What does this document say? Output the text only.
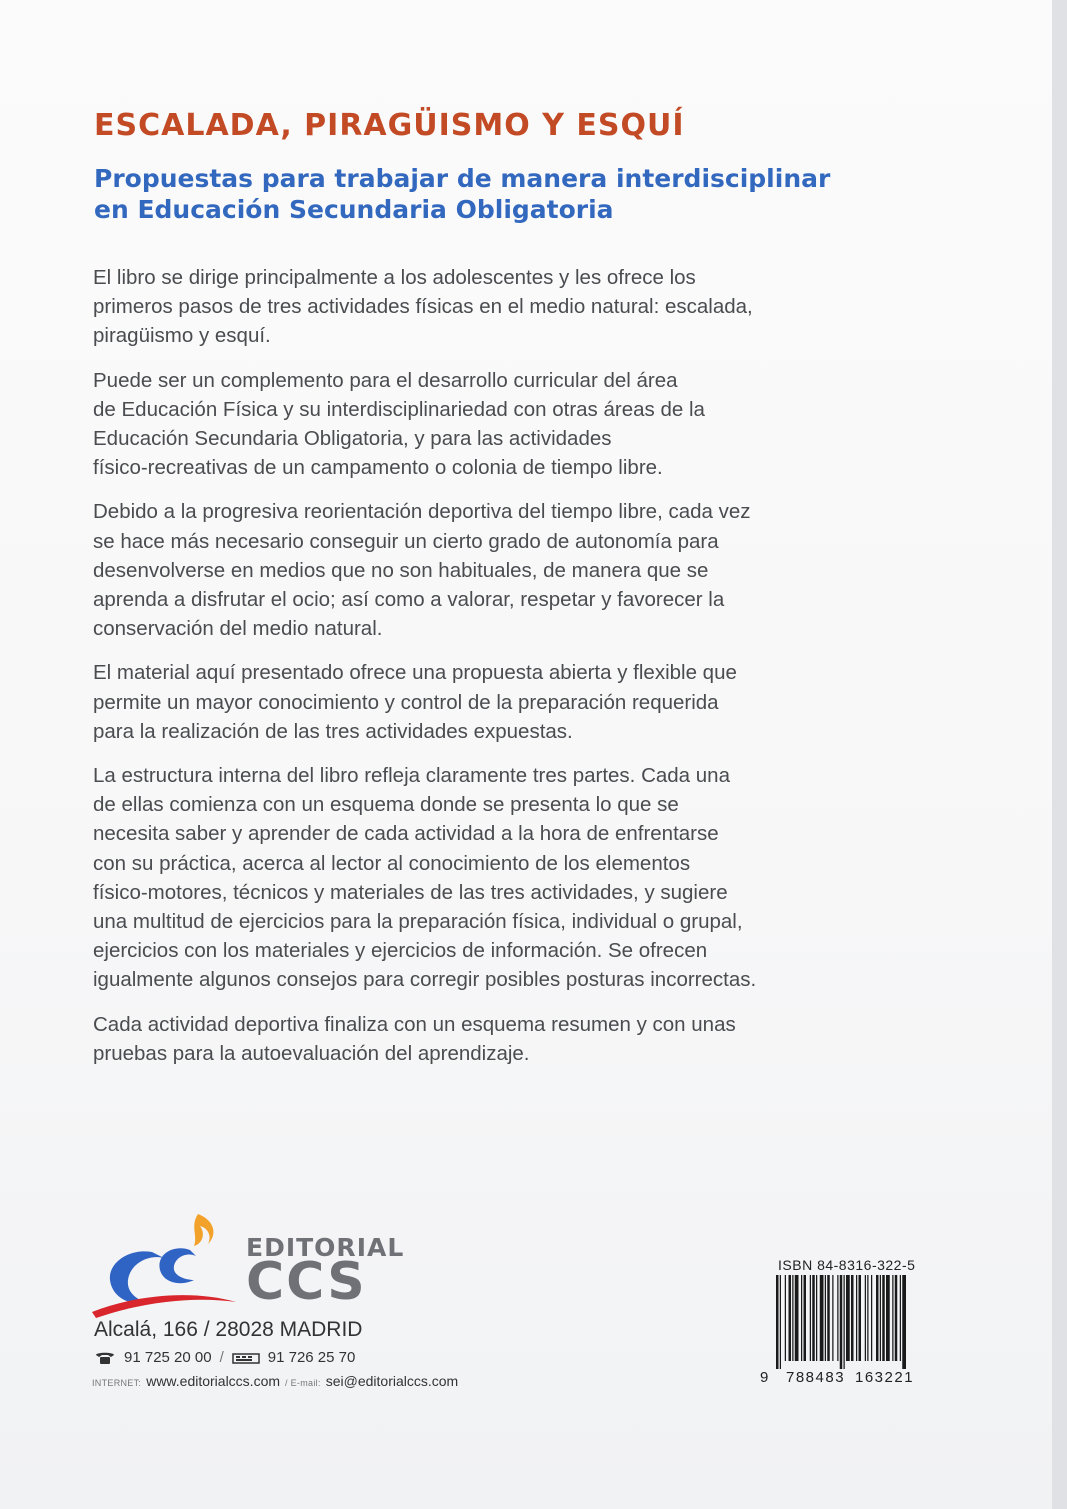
ESCALADA, PIRAGÜISMO Y ESQUÍ
Propuestas para trabajar de manera interdisciplinar
en Educación Secundaria Obligatoria

El libro se dirige principalmente a los adolescentes y les ofrece los
primeros pasos de tres actividades físicas en el medio natural: escalada,
piragüismo y esquí.

Puede ser un complemento para el desarrollo curricular del área
de Educación Física y su interdisciplinariedad con otras áreas de la
Educación Secundaria Obligatoria, y para las actividades
físico-recreativas de un campamento o colonia de tiempo libre.

Debido a la progresiva reorientación deportiva del tiempo libre, cada vez
se hace más necesario conseguir un cierto grado de autonomía para
desenvolverse en medios que no son habituales, de manera que se
aprenda a disfrutar el ocio; así como a valorar, respetar y favorecer la
conservación del medio natural.

El material aquí presentado ofrece una propuesta abierta y flexible que
permite un mayor conocimiento y control de la preparación requerida
para la realización de las tres actividades expuestas.

La estructura interna del libro refleja claramente tres partes. Cada una
de ellas comienza con un esquema donde se presenta lo que se
necesita saber y aprender de cada actividad a la hora de enfrentarse
con su práctica, acerca al lector al conocimiento de los elementos
físico-motores, técnicos y materiales de las tres actividades, y sugiere
una multitud de ejercicios para la preparación física, individual o grupal,
ejercicios con los materiales y ejercicios de información. Se ofrecen
igualmente algunos consejos para corregir posibles posturas incorrectas.

Cada actividad deportiva finaliza con un esquema resumen y con unas
pruebas para la autoevaluación del aprendizaje.

EDITORIAL
CCS
Alcalá, 166 / 28028 MADRID
91 725 20 00 /	91 726 25 70
INTERNET: www.editorialccs.com / E-mail: sei@editorialccs.com
ISBN 84-8316-322-5
9 788483 163221
